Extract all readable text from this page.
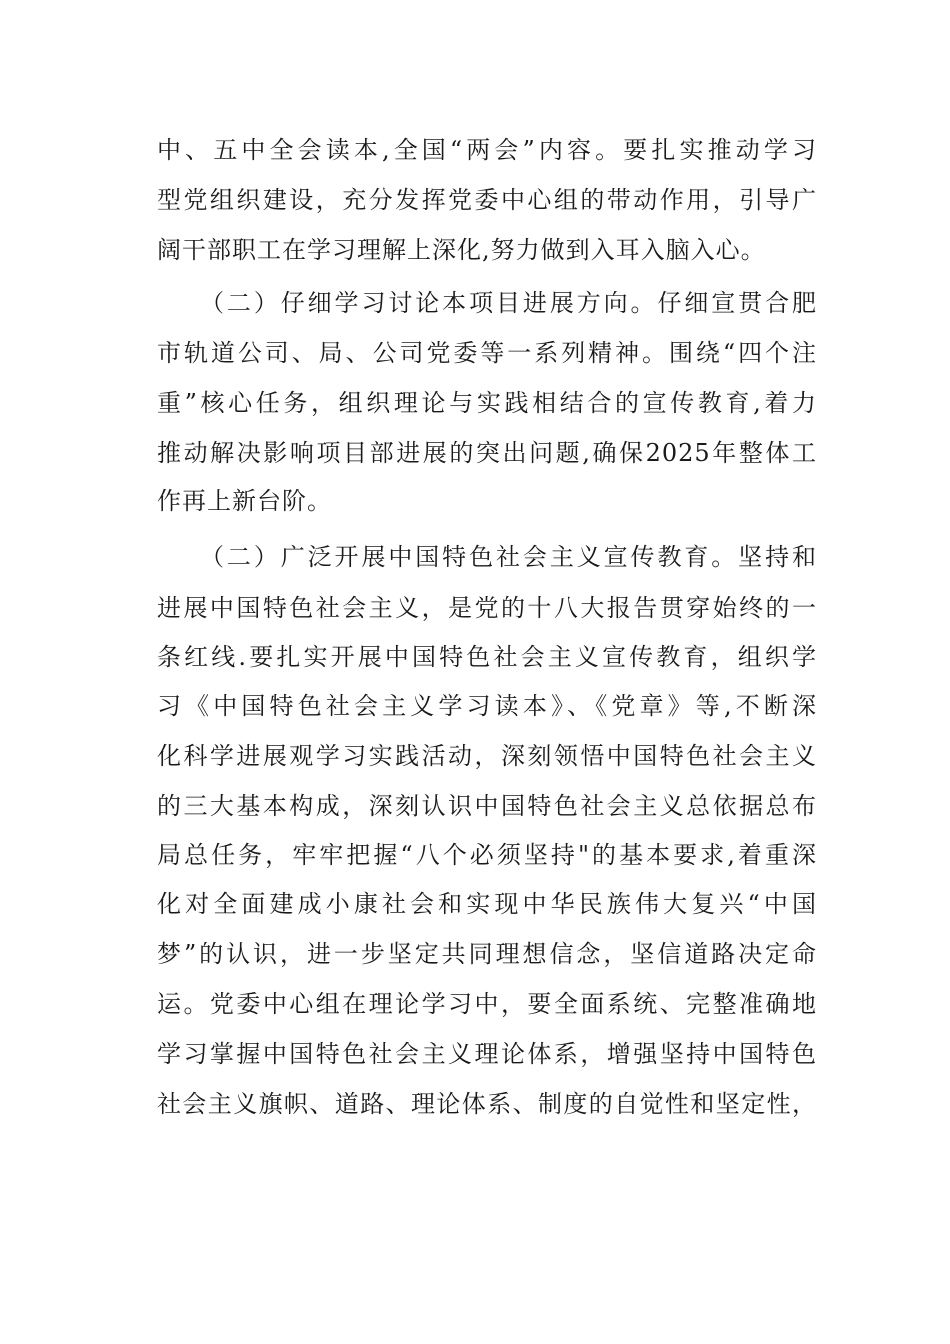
中、五中全会读本,全国“两会”内容。要扎实推动学习
型党组织建设，充分发挥党委中心组的带动作用，引导广
阔干部职工在学习理解上深化,努力做到入耳入脑入心。
（二）仔细学习讨论本项目进展方向。仔细宣贯合肥
市轨道公司、局、公司党委等一系列精神。围绕“四个注
重”核心任务，组织理论与实践相结合的宣传教育,着力
推动解决影响项目部进展的突出问题,确保2025年整体工
作再上新台阶。
（二）广泛开展中国特色社会主义宣传教育。坚持和
进展中国特色社会主义，是党的十八大报告贯穿始终的一
条红线.要扎实开展中国特色社会主义宣传教育，组织学
习《中国特色社会主义学习读本》、《党章》等,不断深
化科学进展观学习实践活动，深刻领悟中国特色社会主义
的三大基本构成，深刻认识中国特色社会主义总依据总布
局总任务，牢牢把握“八个必须坚持"的基本要求,着重深
化对全面建成小康社会和实现中华民族伟大复兴“中国
梦”的认识，进一步坚定共同理想信念，坚信道路决定命
运。党委中心组在理论学习中，要全面系统、完整准确地
学习掌握中国特色社会主义理论体系，增强坚持中国特色
社会主义旗帜、道路、理论体系、制度的自觉性和坚定性，
